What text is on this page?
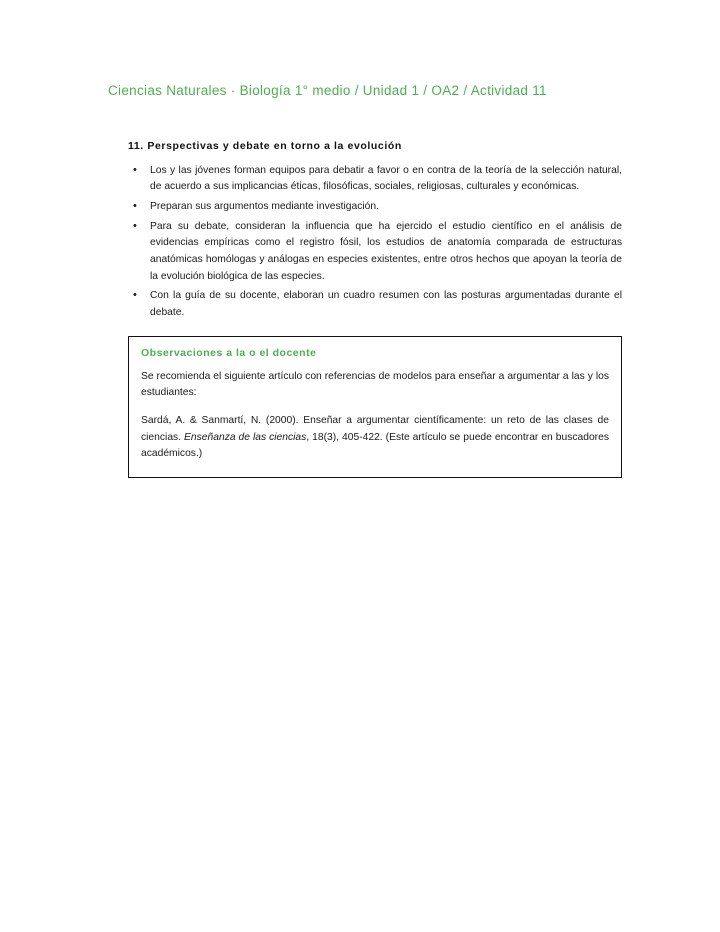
Ciencias Naturales · Biología 1° medio / Unidad 1 / OA2 / Actividad 11
11. Perspectivas y debate en torno a la evolución
• Los y las jóvenes forman equipos para debatir a favor o en contra de la teoría de la selección natural, de acuerdo a sus implicancias éticas, filosóficas, sociales, religiosas, culturales y económicas.
• Preparan sus argumentos mediante investigación.
• Para su debate, consideran la influencia que ha ejercido el estudio científico en el análisis de evidencias empíricas como el registro fósil, los estudios de anatomía comparada de estructuras anatómicas homólogas y análogas en especies existentes, entre otros hechos que apoyan la teoría de la evolución biológica de las especies.
• Con la guía de su docente, elaboran un cuadro resumen con las posturas argumentadas durante el debate.
Observaciones a la o el docente

Se recomienda el siguiente artículo con referencias de modelos para enseñar a argumentar a las y los estudiantes:

Sardá, A. & Sanmartí, N. (2000). Enseñar a argumentar científicamente: un reto de las clases de ciencias. Enseñanza de las ciencias, 18(3), 405-422. (Este artículo se puede encontrar en buscadores académicos.)
